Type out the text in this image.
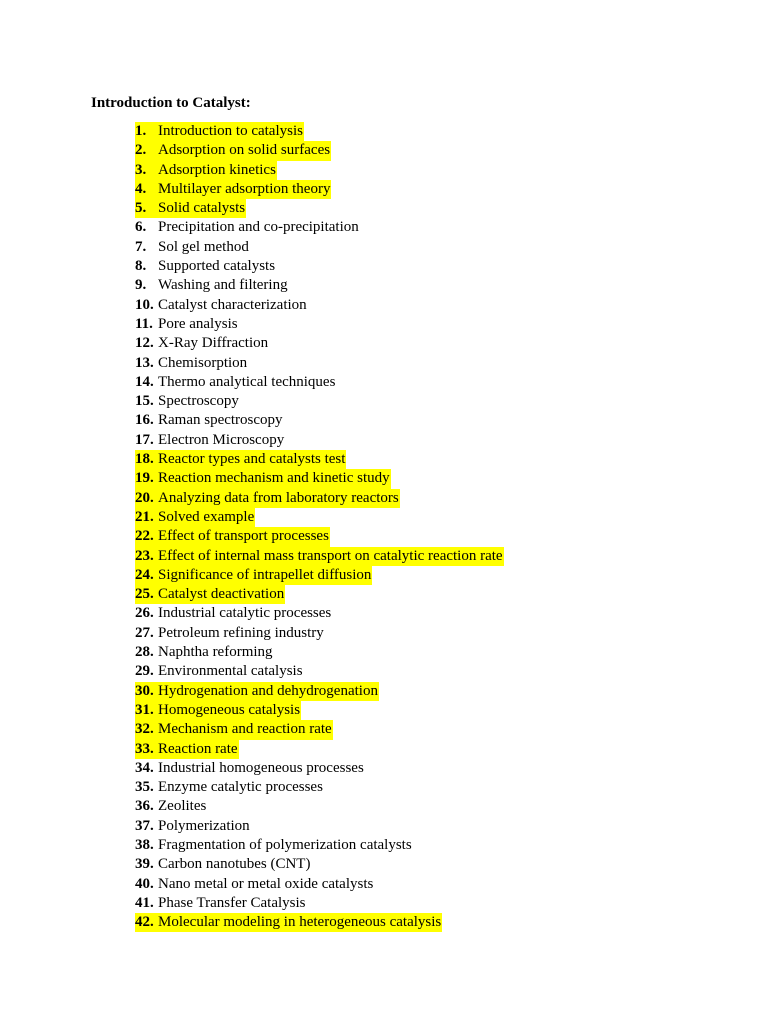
Introduction to Catalyst:
1. Introduction to catalysis
2. Adsorption on solid surfaces
3. Adsorption kinetics
4. Multilayer adsorption theory
5. Solid catalysts
6. Precipitation and co-precipitation
7. Sol gel method
8. Supported catalysts
9. Washing and filtering
10. Catalyst characterization
11. Pore analysis
12. X-Ray Diffraction
13. Chemisorption
14. Thermo analytical techniques
15. Spectroscopy
16. Raman spectroscopy
17. Electron Microscopy
18. Reactor types and catalysts test
19. Reaction mechanism and kinetic study
20. Analyzing data from laboratory reactors
21. Solved example
22. Effect of transport processes
23. Effect of internal mass transport on catalytic reaction rate
24. Significance of intrapellet diffusion
25. Catalyst deactivation
26. Industrial catalytic processes
27. Petroleum refining industry
28. Naphtha reforming
29. Environmental catalysis
30. Hydrogenation and dehydrogenation
31. Homogeneous catalysis
32. Mechanism and reaction rate
33. Reaction rate
34. Industrial homogeneous processes
35. Enzyme catalytic processes
36. Zeolites
37. Polymerization
38. Fragmentation of polymerization catalysts
39. Carbon nanotubes (CNT)
40. Nano metal or metal oxide catalysts
41. Phase Transfer Catalysis
42. Molecular modeling in heterogeneous catalysis
